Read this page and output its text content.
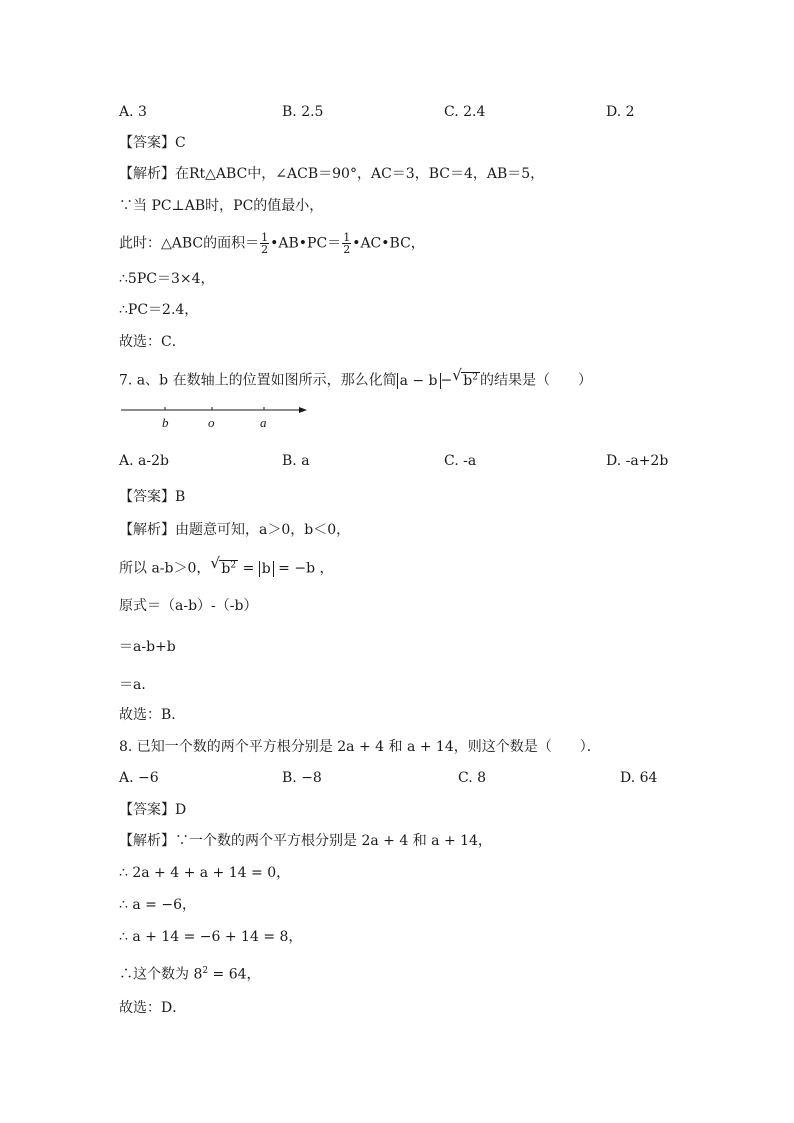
A. 3	B. 2.5	C. 2.4	D. 2
【答案】C
【解析】在Rt△ABC中，∠ACB＝90°，AC＝3，BC＝4，AB＝5，
∵当 PC⊥AB时，PC的值最小，
此时：△ABC的面积＝ $\frac{1}{2}$ •AB•PC＝ $\frac{1}{2}$ •AC•BC，
∴5PC＝3×4，
∴PC＝2.4，
故选：C．
7. a、b 在数轴上的位置如图所示，那么化简 a − b − √ $b^2$ 的结果是（　　）
b	o	a
A. a-2b	B. a	C. -a	D. -a+2b
【答案】B
【解析】由题意可知，a＞0，b＜0，
所以 a-b＞0， √ $b^2 = b = -b$ ，
原式＝（a-b）-（-b）
＝a-b+b
＝a．
故选：B．
8. 已知一个数的两个平方根分别是 2a + 4 和 a + 14，则这个数是（　　）．
A. −6	B. −8	C. 8	D. 64
【答案】D
【解析】∵一个数的两个平方根分别是 2a + 4 和 a + 14，
∴ 2a + 4 + a + 14 = 0，
∴ a = −6，
∴ a + 14 = −6 + 14 = 8，
∴这个数为 $8^2 = 64$，
故选：D．
